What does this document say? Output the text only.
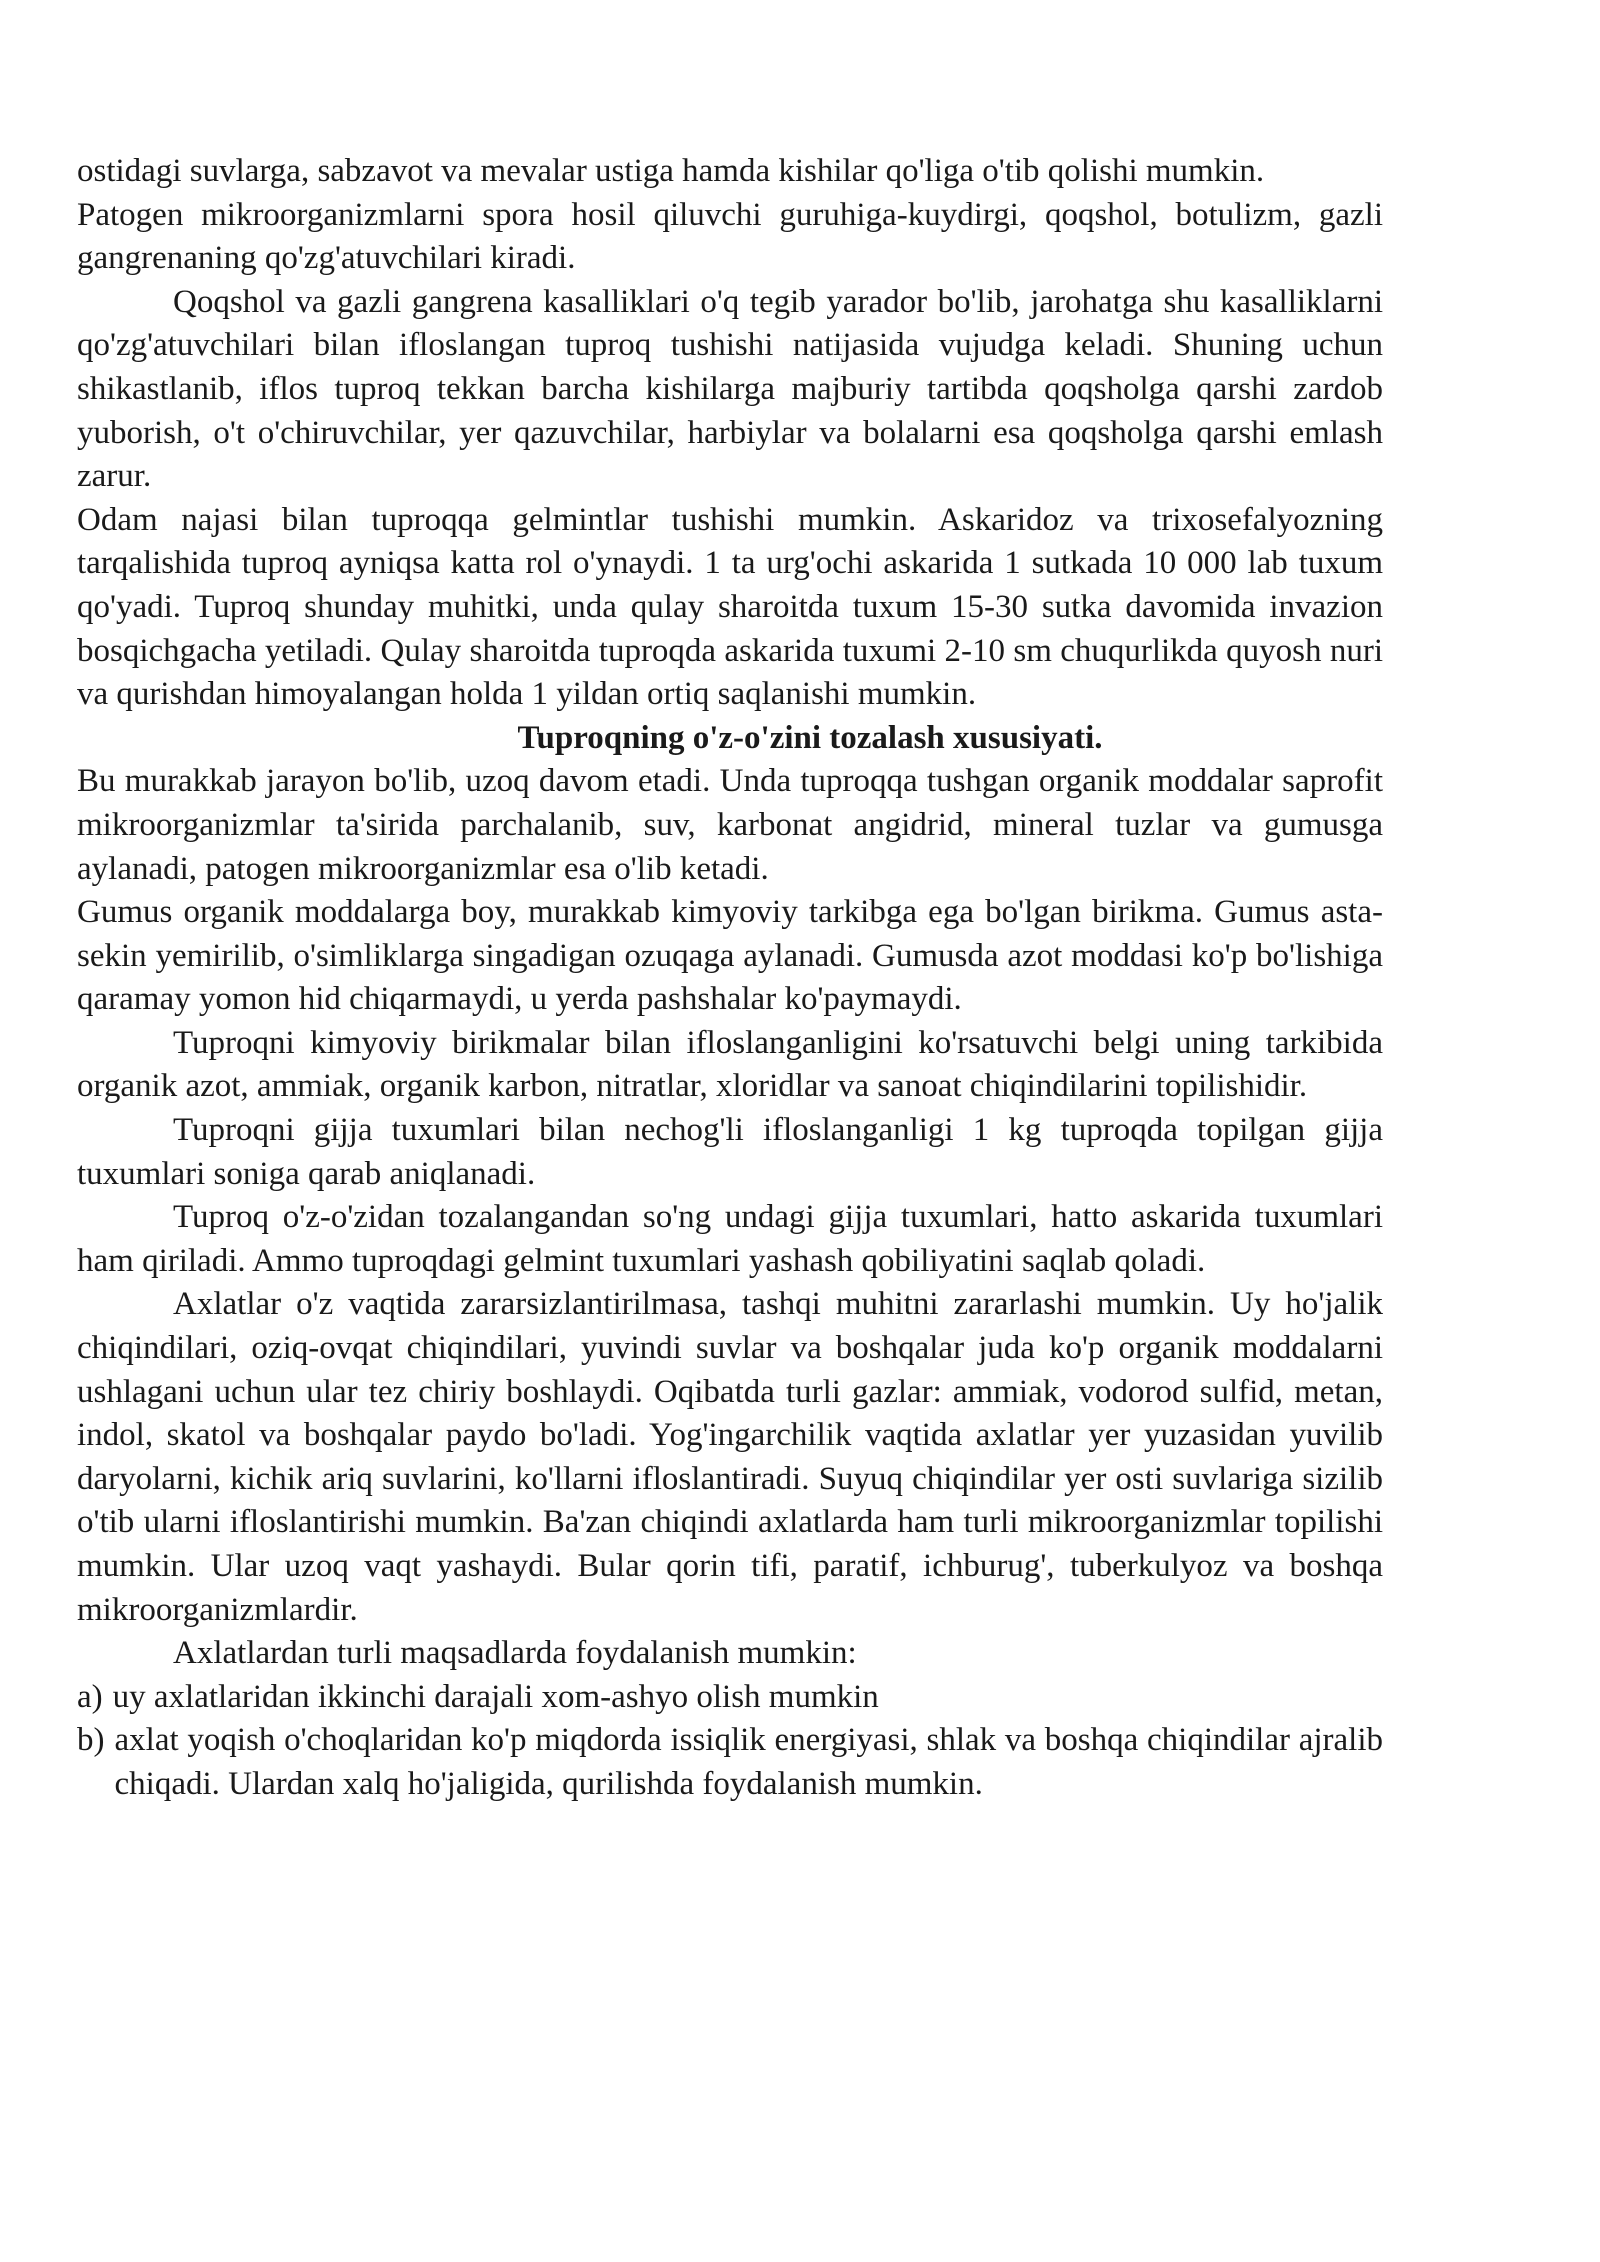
ostidagi suvlarga, sabzavot va mevalar ustiga hamda kishilar qo'liga o'tib qolishi mumkin.

Patogen mikroorganizmlarni spora hosil qiluvchi guruhiga-kuydirgi, qoqshol, botulizm, gazli gangrenaning qo'zg'atuvchilari kiradi.

Qoqshol va gazli gangrena kasalliklari o'q tegib yarador bo'lib, jarohatga shu kasalliklarni qo'zg'atuvchilari bilan ifloslangan tuproq tushishi natijasida vujudga keladi. Shuning uchun shikastlanib, iflos tuproq tekkan barcha kishilarga majburiy tartibda qoqsholga qarshi zardob yuborish, o't o'chiruvchilar, yer qazuvchilar, harbiylar va bolalarni esa qoqsholga qarshi emlash zarur.

Odam najasi bilan tuproqqa gelmintlar tushishi mumkin. Askaridoz va trixosefalyozning tarqalishida tuproq ayniqsa katta rol o'ynaydi. 1 ta urg'ochi askarida 1 sutkada 10 000 lab tuxum qo'yadi. Tuproq shunday muhitki, unda qulay sharoitda tuxum 15-30 sutka davomida invazion bosqichgacha yetiladi. Qulay sharoitda tuproqda askarida tuxumi 2-10 sm chuqurlikda quyosh nuri va qurishdan himoyalangan holda 1 yildan ortiq saqlanishi mumkin.

Tuproqning o'z-o'zini tozalash xususiyati.

Bu murakkab jarayon bo'lib, uzoq davom etadi. Unda tuproqqa tushgan organik moddalar saprofit mikroorganizmlar ta'sirida parchalanib, suv, karbonat angidrid, mineral tuzlar va gumusga aylanadi, patogen mikroorganizmlar esa o'lib ketadi.

Gumus organik moddalarga boy, murakkab kimyoviy tarkibga ega bo'lgan birikma. Gumus asta-sekin yemirilib, o'simliklarga singadigan ozuqaga aylanadi. Gumusda azot moddasi ko'p bo'lishiga qaramay yomon hid chiqarmaydi, u yerda pashshalar ko'paymaydi.

Tuproqni kimyoviy birikmalar bilan ifloslanganligini ko'rsatuvchi belgi uning tarkibida organik azot, ammiak, organik karbon, nitratlar, xloridlar va sanoat chiqindilarini topilishidir.

Tuproqni gijja tuxumlari bilan nechog'li ifloslanganligi 1 kg tuproqda topilgan gijja tuxumlari soniga qarab aniqlanadi.

Tuproq o'z-o'zidan tozalangandan so'ng undagi gijja tuxumlari, hatto askarida tuxumlari ham qiriladi. Ammo tuproqdagi gelmint tuxumlari yashash qobiliyatini saqlab qoladi.

Axlatlar o'z vaqtida zararsizlantirilmasa, tashqi muhitni zararlashi mumkin. Uy ho'jalik chiqindilari, oziq-ovqat chiqindilari, yuvindi suvlar va boshqalar juda ko'p organik moddalarni ushlagani uchun ular tez chiriy boshlaydi. Oqibatda turli gazlar: ammiak, vodorod sulfid, metan, indol, skatol va boshqalar paydo bo'ladi. Yog'ingarchilik vaqtida axlatlar yer yuzasidan yuvilib daryolarni, kichik ariq suvlarini, ko'llarni ifloslantiradi. Suyuq chiqindilar yer osti suvlariga sizilib o'tib ularni ifloslantirishi mumkin. Ba'zan chiqindi axlatlarda ham turli mikroorganizmlar topilishi mumkin. Ular uzoq vaqt yashaydi. Bular qorin tifi, paratif, ichburug', tuberkulyoz va boshqa mikroorganizmlardir.

Axlatlardan turli maqsadlarda foydalanish mumkin:

a) uy axlatlaridan ikkinchi darajali xom-ashyo olish mumkin
b) axlat yoqish o'choqlaridan ko'p miqdorda issiqlik energiyasi, shlak va boshqa chiqindilar ajralib chiqadi. Ulardan xalq ho'jaligida, qurilishda foydalanish mumkin.
